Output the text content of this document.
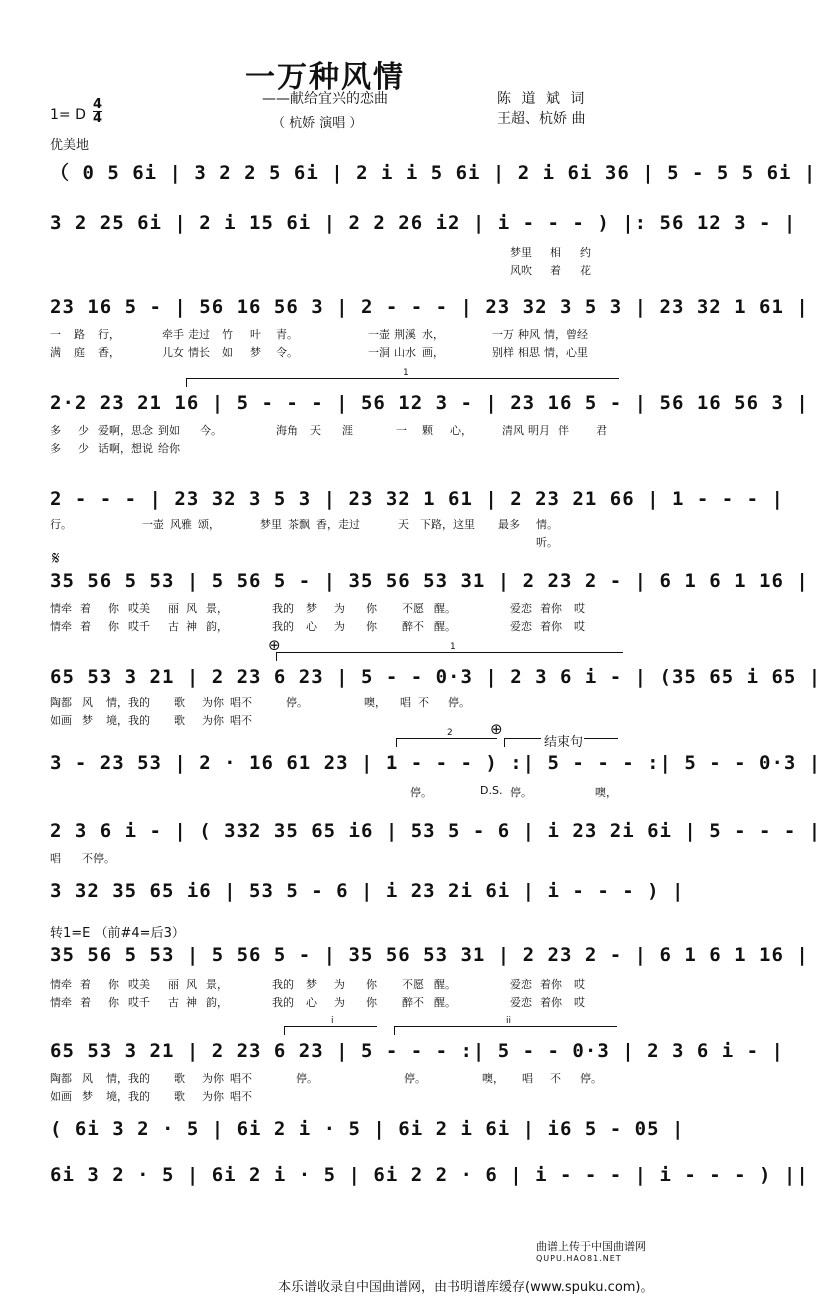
一万种风情
——献给宜兴的恋曲
（ 杭娇 演唱 ）
陈 道 斌 词
王超、杭娇 曲
1= D
4
4
优美地
（ 0 5 6i | 3 2 2 5 6i | 2 i i 5 6i | 2 i 6i 36 | 5 - 5 5 6i |
3 2 25 6i | 2 i 15 6i | 2 2 26 i2 | i - - - ) |: 56 12 3 - |
梦里 相 约
风吹 着 花
23 16 5 - | 56 16 56 3 | 2 - - - | 23 32 3 5 3 | 23 32 1 61 |
一 路 行，	牵手 走过 竹 叶 青。	一壶 荆溪 水，	一万 种风 情，曾经
满 庭 香，	儿女 情长 如 梦 令。	一洞 山水 画，	别样 相思 情，心里
1
2·2 23 21 16 | 5 - - - | 56 12 3 - | 23 16 5 - | 56 16 56 3 |
多 少 爱啊，思念 到如 今。	海角 天 涯	一 颗 心，	清风 明月 伴 君
多 少 话啊，想说 给你
2 - - - | 23 32 3 5 3 | 23 32 1 61 | 2 23 21 66 | 1 - - - |
行。	一壶 风雅 颂，	梦里 茶飘 香，走过	天 下路，这里 最多 情。
听。
𝄋
35 56 5 53 | 5 56 5 - | 35 56 53 31 | 2 23 2 - | 6 1 6 1 16 |
情牵 着 你 哎美 丽 风 景，	我的 梦 为 你 不愿 醒。	爱恋 着你 哎
情牵 着 你 哎千 古 神 韵，	我的 心 为 你 醉不 醒。	爱恋 着你 哎
⊕	1
65 53 3 21 | 2 23 6 23 | 5 - - 0·3 | 2 3 6 i - | (35 65 i 65 |
陶都 风 情，我的 歌 为你 唱不	停。	噢， 唱 不 停。
如画 梦 境，我的 歌 为你 唱不	⊕
2
结束句
3 - 23 53 | 2 · 16 61 23 | 1 - - - ) :| 5 - - - :| 5 - - 0·3 |
停。	D.S. 停。	噢，
2 3 6 i - | ( 332 35 65 i6 | 53 5 - 6 | i 23 2i 6i | 5 - - - |
唱 不停。
3 32 35 65 i6 | 53 5 - 6 | i 23 2i 6i | i - - - ) |
转1=E （前#4=后3）
35 56 5 53 | 5 56 5 - | 35 56 53 31 | 2 23 2 - | 6 1 6 1 16 |
情牵 着 你 哎美 丽 风 景，	我的 梦 为 你 不愿 醒。	爱恋 着你 哎
情牵 着 你 哎千 古 神 韵，	我的 心 为 你 醉不 醒。	爱恋 着你 哎
i	ii
65 53 3 21 | 2 23 6 23 | 5 - - - :| 5 - - 0·3 | 2 3 6 i - |
陶都 风 情，我的 歌 为你 唱不	停。	停。	噢， 唱 不 停。
如画 梦 境，我的 歌 为你 唱不
( 6i 3 2 · 5 | 6i 2 i · 5 | 6i 2 i 6i | i6 5 - 05 |
6i 3 2 · 5 | 6i 2 i · 5 | 6i 2 2 · 6 | i - - - | i - - - ) ||
曲谱上传于中国曲谱网
QUPU.HAO81.NET
本乐谱收录自中国曲谱网，由书明谱库缓存(www.spuku.com)。
